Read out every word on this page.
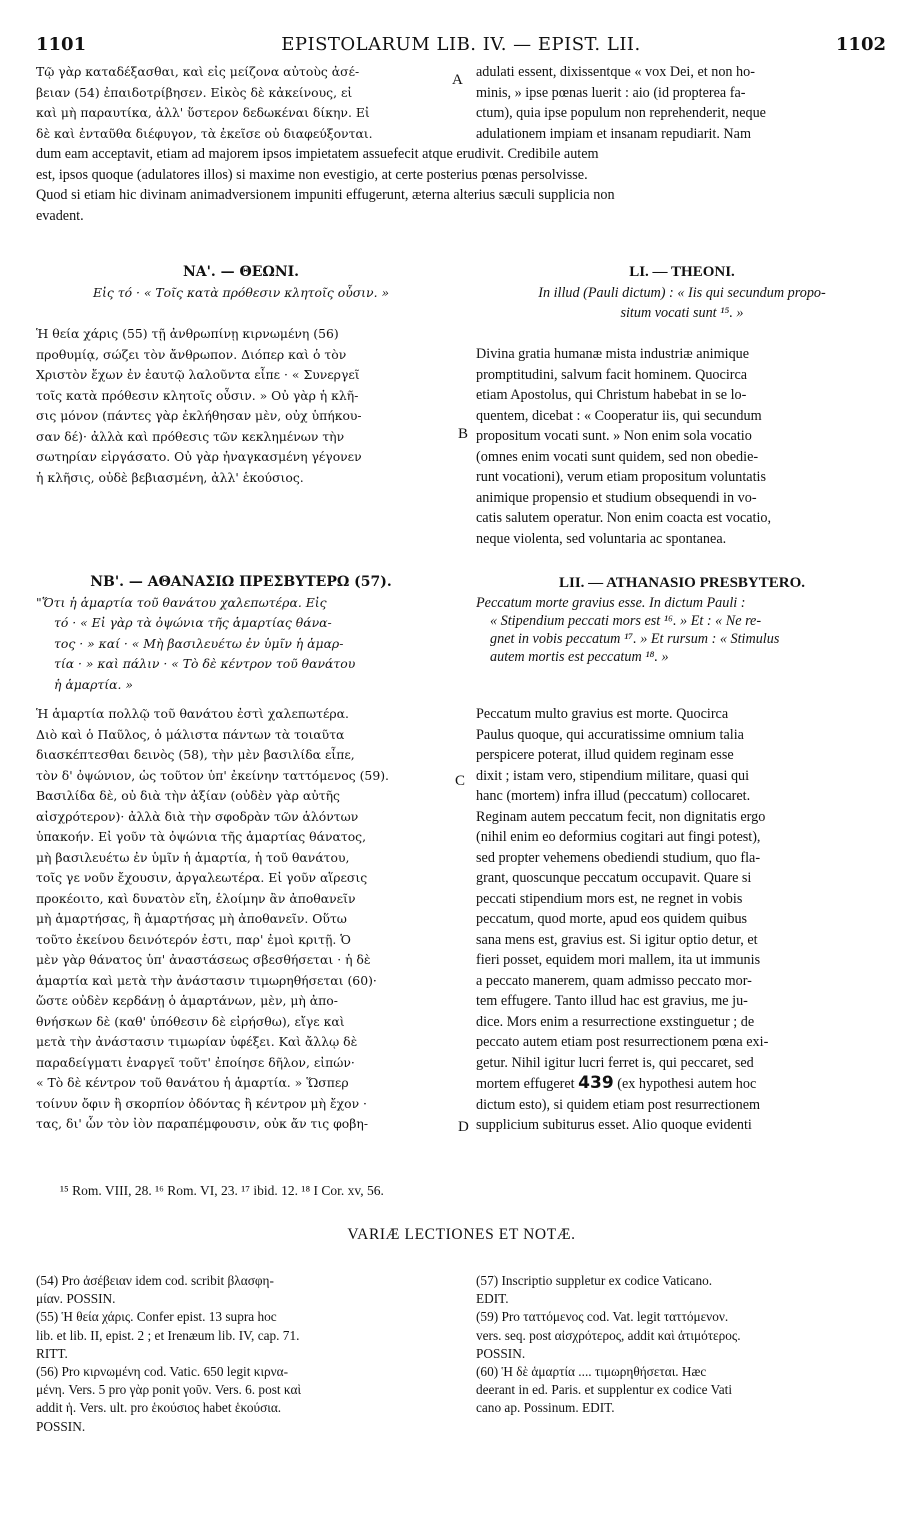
1101	EPISTOLARUM LIB. IV. — EPIST. LII.	1102
A
B
C
D
Τῷ γὰρ καταδέξασθαι, καὶ εἰς μείζονα αὐτοὺς ἀσέ-
βειαν (54) ἐπαιδοτρίβησεν. Εἰκὸς δὲ κἀκείνους, εἰ
καὶ μὴ παραυτίκα, ἀλλ' ὕστερον δεδωκέναι δίκην. Εἰ
δὲ καὶ ἐνταῦθα διέφυγον, τὰ ἐκεῖσε οὐ διαφεύξονται.
adulati essent, dixissentque « vox Dei, et non ho-
minis, » ipse pœnas luerit : aio (id propterea fa-
ctum), quia ipse populum non reprehenderit, neque
adulationem impiam et insanam repudiarit. Nam
dum eam acceptavit, etiam ad majorem ipsos impietatem assuefecit atque erudivit. Credibile autem
est, ipsos quoque (adulatores illos) si maxime non evestigio, at certe posterius pœnas persolvisse.
Quod si etiam hic divinam animadversionem impuniti effugerunt, æterna alterius sæculi supplicia non
evadent.
ΝΑ'. — ΘΕΩΝΙ.
Εἰς τό · « Τοῖς κατὰ πρόθεσιν κλητοῖς οὖσιν. »
LI. — THEONI.
In illud (Pauli dictum) : « Iis qui secundum propo-
situm vocati sunt ¹⁵. »
Ἡ θεία χάρις (55) τῇ ἀνθρωπίνῃ κιρνωμένη (56)
προθυμίᾳ, σώζει τὸν ἄνθρωπον. Διόπερ καὶ ὁ τὸν
Χριστὸν ἔχων ἐν ἑαυτῷ λαλοῦντα εἶπε · « Συνεργεῖ
τοῖς κατὰ πρόθεσιν κλητοῖς οὖσιν. » Οὐ γὰρ ἡ κλῆ-
σις μόνον (πάντες γὰρ ἐκλήθησαν μὲν, οὐχ ὑπήκου-
σαν δέ)· ἀλλὰ καὶ πρόθεσις τῶν κεκλημένων τὴν
σωτηρίαν εἰργάσατο. Οὐ γὰρ ἠναγκασμένη γέγονεν
ἡ κλῆσις, οὐδὲ βεβιασμένη, ἀλλ' ἑκούσιος.
Divina gratia humanæ mista industriæ animique
promptitudini, salvum facit hominem. Quocirca
etiam Apostolus, qui Christum habebat in se lo-
quentem, dicebat : « Cooperatur iis, qui secundum
propositum vocati sunt. » Non enim sola vocatio
(omnes enim vocati sunt quidem, sed non obedie-
runt vocationi), verum etiam propositum voluntatis
animique propensio et studium obsequendi in vo-
catis salutem operatur. Non enim coacta est vocatio,
neque violenta, sed voluntaria ac spontanea.
ΝΒ'. — ΑΘΑΝΑΣΙΩ ΠΡΕΣΒΥΤΕΡΩ (57).
"Ὅτι ἡ ἁμαρτία τοῦ θανάτου χαλεπωτέρα. Εἰς
τό · « Εἰ γὰρ τὰ ὀψώνια τῆς ἁμαρτίας θάνα-
τος · » καί · « Μὴ βασιλευέτω ἐν ὑμῖν ἡ ἁμαρ-
τία · » καὶ πάλιν · « Τὸ δὲ κέντρον τοῦ θανάτου
ἡ ἁμαρτία. »
LII. — ATHANASIO PRESBYTERO.
Peccatum morte gravius esse. In dictum Pauli :
« Stipendium peccati mors est ¹⁶. » Et : « Ne re-
gnet in vobis peccatum ¹⁷. » Et rursum : « Stimulus
autem mortis est peccatum ¹⁸. »
Ἡ ἁμαρτία πολλῷ τοῦ θανάτου ἐστὶ χαλεπωτέρα.
Διὸ καὶ ὁ Παῦλος, ὁ μάλιστα πάντων τὰ τοιαῦτα
διασκέπτεσθαι δεινὸς (58), τὴν μὲν βασιλίδα εἶπε,
τὸν δ' ὀψώνιον, ὡς τοῦτον ὑπ' ἐκείνην ταττόμενος (59).
Βασιλίδα δὲ, οὐ διὰ τὴν ἀξίαν (οὐδὲν γὰρ αὐτῆς
αἰσχρότερον)· ἀλλὰ διὰ τὴν σφοδρὰν τῶν ἁλόντων
ὑπακοήν. Εἰ γοῦν τὰ ὀψώνια τῆς ἁμαρτίας θάνατος,
μὴ βασιλευέτω ἐν ὑμῖν ἡ ἁμαρτία, ἡ τοῦ θανάτου,
τοῖς γε νοῦν ἔχουσιν, ἀργαλεωτέρα. Εἰ γοῦν αἵρεσις
προκέοιτο, καὶ δυνατὸν εἴη, ἑλοίμην ἂν ἀποθανεῖν
μὴ ἁμαρτήσας, ἢ ἁμαρτήσας μὴ ἀποθανεῖν. Οὕτω
τοῦτο ἐκείνου δεινότερόν ἐστι, παρ' ἐμοὶ κριτῇ. Ὁ
μὲν γὰρ θάνατος ὑπ' ἀναστάσεως σβεσθήσεται · ἡ δὲ
ἁμαρτία καὶ μετὰ τὴν ἀνάστασιν τιμωρηθήσεται (60)·
ὥστε οὐδὲν κερδάνῃ ὁ ἁμαρτάνων, μὲν, μὴ ἀπο-
θνήσκων δὲ (καθ' ὑπόθεσιν δὲ εἰρήσθω), εἴγε καὶ
μετὰ τὴν ἀνάστασιν τιμωρίαν ὑφέξει. Καὶ ἄλλῳ δὲ
παραδείγματι ἐναργεῖ τοῦτ' ἐποίησε δῆλον, εἰπών·
« Τὸ δὲ κέντρον τοῦ θανάτου ἡ ἁμαρτία. » Ὥσπερ
τοίνυν ὄφιν ἢ σκορπίον ὀδόντας ἢ κέντρον μὴ ἔχον ·
τας, δι' ὧν τὸν ἰὸν παραπέμφουσιν, οὐκ ἄν τις φοβη-
Peccatum multo gravius est morte. Quocirca
Paulus quoque, qui accuratissime omnium talia
perspicere poterat, illud quidem reginam esse
dixit ; istam vero, stipendium militare, quasi qui
hanc (mortem) infra illud (peccatum) collocaret.
Reginam autem peccatum fecit, non dignitatis ergo
(nihil enim eo deformius cogitari aut fingi potest),
sed propter vehemens obediendi studium, quo fla-
grant, quoscunque peccatum occupavit. Quare si
peccati stipendium mors est, ne regnet in vobis
peccatum, quod morte, apud eos quidem quibus
sana mens est, gravius est. Si igitur optio detur, et
fieri posset, equidem mori mallem, ita ut immunis
a peccato manerem, quam admisso peccato mor-
tem effugere. Tanto illud hac est gravius, me ju-
dice. Mors enim a resurrectione exstinguetur ; de
peccato autem etiam post resurrectionem pœna exi-
getur. Nihil igitur lucri ferret is, qui peccaret, sed
mortem effugeret 439 (ex hypothesi autem hoc
dictum esto), si quidem etiam post resurrectionem
supplicium subiturus esset. Alio quoque evidenti
¹⁵ Rom. VIII, 28. ¹⁶ Rom. VI, 23. ¹⁷ ibid. 12. ¹⁸ I Cor. xv, 56.
VARIÆ LECTIONES ET NOTÆ.
(54) Pro ἀσέβειαν idem cod. scribit βλασφη-
μίαν. POSSIN.
(55) Ἡ θεία χάρις. Confer epist. 13 supra hoc
lib. et lib. II, epist. 2 ; et Irenæum lib. IV, cap. 71.
RITT.
(56) Pro κιρνωμένη cod. Vatic. 650 legit κιρνα-
μένη. Vers. 5 pro γὰρ ponit γοῦν. Vers. 6. post καὶ
addit ἡ. Vers. ult. pro ἑκούσιος habet ἑκούσια.
POSSIN.
(57) Inscriptio suppletur ex codice Vaticano.
EDIT.
(59) Pro ταττόμενος cod. Vat. legit ταττόμενον.
vers. seq. post αἰσχρότερος, addit καὶ ἀτιμότερος.
POSSIN.
(60) Ἡ δὲ ἁμαρτία .... τιμωρηθήσεται. Hæc
deerant in ed. Paris. et supplentur ex codice Vati
cano ap. Possinum. EDIT.
